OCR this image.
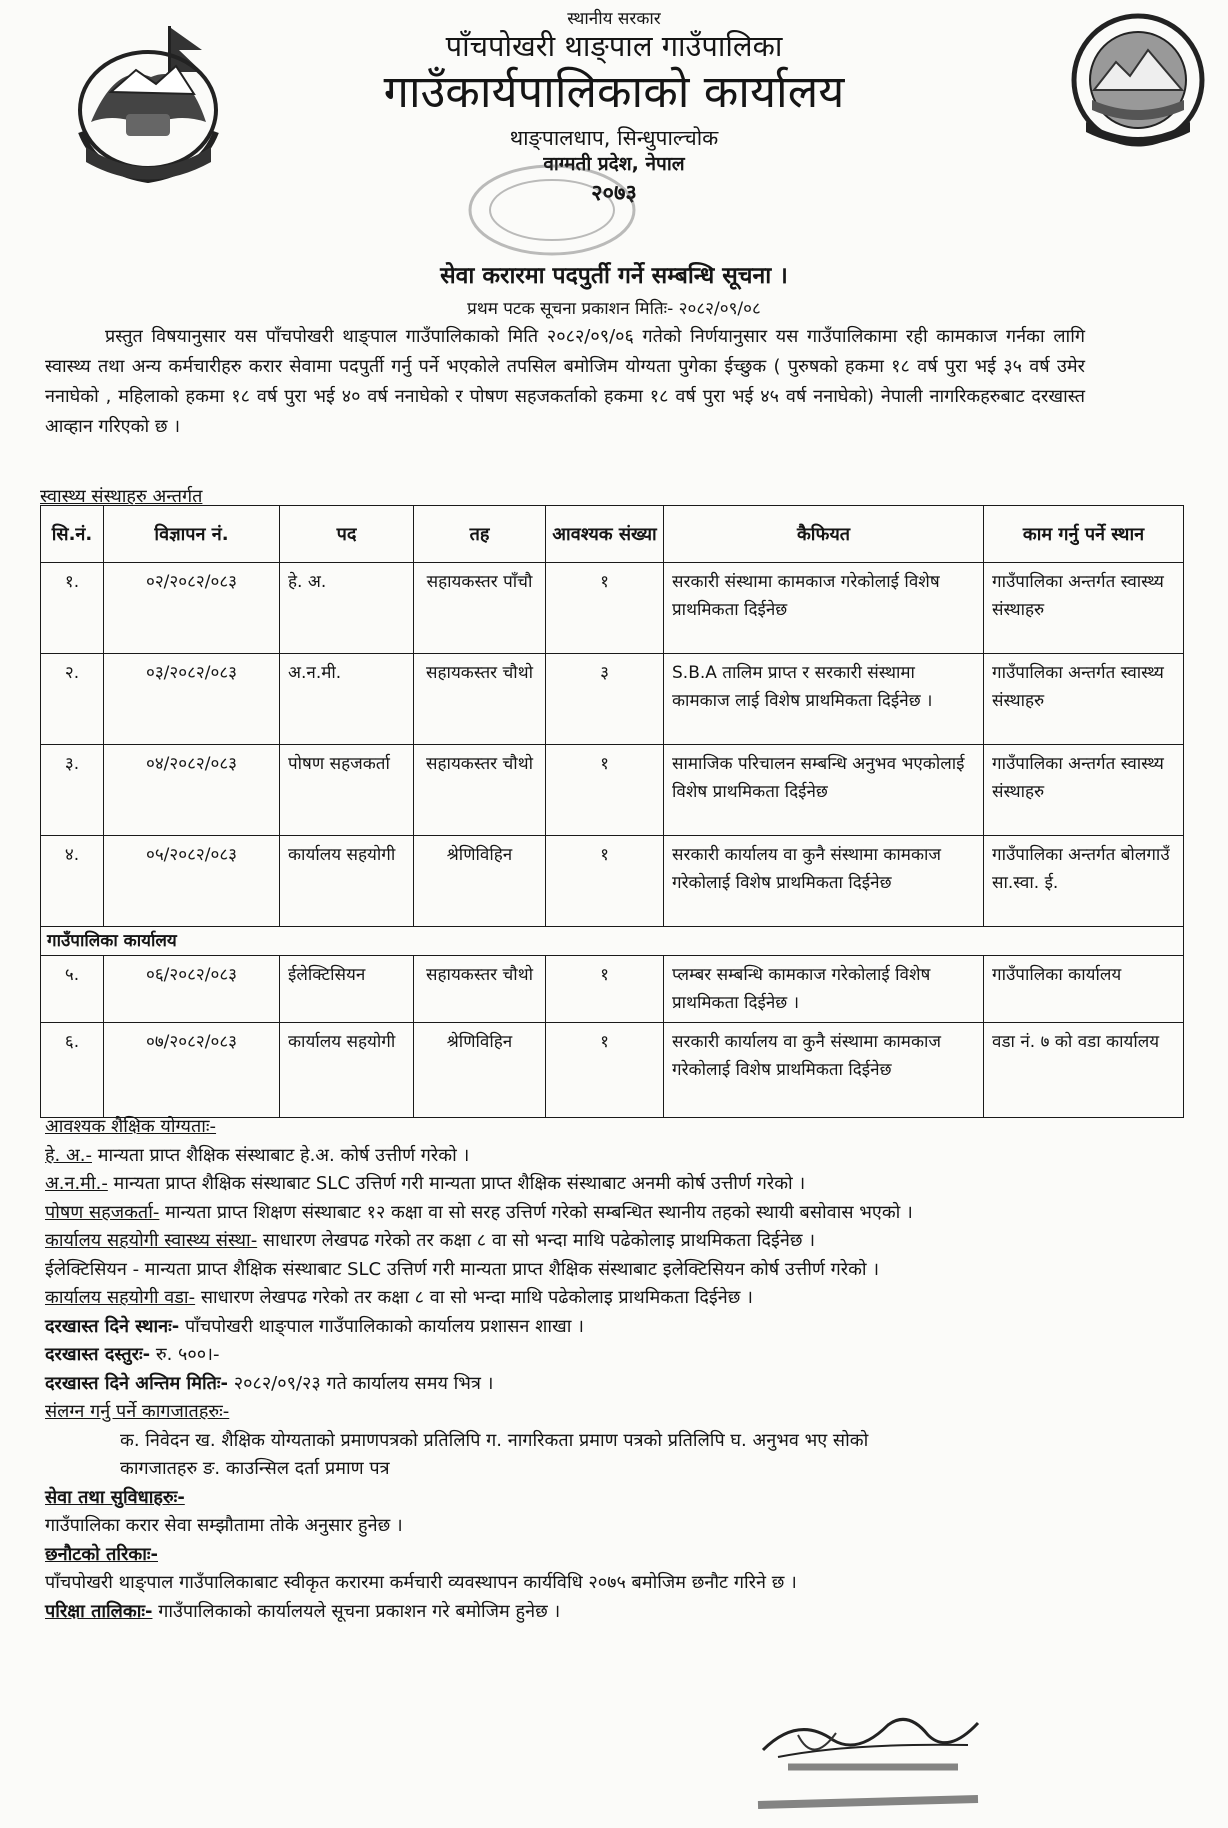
स्थानीय सरकार
पाँचपोखरी थाङ्पाल गाउँपालिका
गाउँकार्यपालिकाको कार्यालय
थाङ्पालधाप, सिन्धुपाल्चोक
वाग्मती प्रदेश, नेपाल
२०७३
सेवा करारमा पदपुर्ती गर्ने सम्बन्धि सूचना ।
प्रथम पटक सूचना प्रकाशन मितिः- २०८२/०९/०८

प्रस्तुत विषयानुसार यस पाँचपोखरी थाङ्पाल गाउँपालिकाको मिति २०८२/०९/०६ गतेको निर्णयानुसार यस गाउँपालिकामा रही कामकाज गर्नका लागि स्वास्थ्य तथा अन्य कर्मचारीहरु करार सेवामा पदपुर्ती गर्नु पर्ने भएकोले तपसिल बमोजिम योग्यता पुगेका ईच्छुक ( पुरुषको हकमा १८ वर्ष पुरा भई ३५ वर्ष उमेर ननाघेको , महिलाको हकमा १८ वर्ष पुरा भई ४० वर्ष ननाघेको र पोषण सहजकर्ताको हकमा १८ वर्ष पुरा भई ४५ वर्ष ननाघेको) नेपाली नागरिकहरुबाट दरखास्त आव्हान गरिएको छ ।

स्वास्थ्य संस्थाहरु अन्तर्गत
सि.नं.	विज्ञापन नं.	पद	तह	आवश्यक संख्या	कैफियत	काम गर्नु पर्ने स्थान
१.	०२/२०८२/०८३	हे. अ.	सहायकस्तर पाँचौ	१	सरकारी संस्थामा कामकाज गरेकोलाई विशेष प्राथमिकता दिईनेछ	गाउँपालिका अन्तर्गत स्वास्थ्य संस्थाहरु
२.	०३/२०८२/०८३	अ.न.मी.	सहायकस्तर चौथो	३	S.B.A तालिम प्राप्त र सरकारी संस्थामा कामकाज लाई विशेष प्राथमिकता दिईनेछ ।	गाउँपालिका अन्तर्गत स्वास्थ्य संस्थाहरु
३.	०४/२०८२/०८३	पोषण सहजकर्ता	सहायकस्तर चौथो	१	सामाजिक परिचालन सम्बन्धि अनुभव भएकोलाई विशेष प्राथमिकता दिईनेछ	गाउँपालिका अन्तर्गत स्वास्थ्य संस्थाहरु
४.	०५/२०८२/०८३	कार्यालय सहयोगी	श्रेणिविहिन	१	सरकारी कार्यालय वा कुनै संस्थामा कामकाज गरेकोलाई विशेष प्राथमिकता दिईनेछ	गाउँपालिका अन्तर्गत बोलगाउँ सा.स्वा. ई.
गाउँपालिका कार्यालय						
५.	०६/२०८२/०८३	ईलेक्टिसियन	सहायकस्तर चौथो	१	प्लम्बर सम्बन्धि कामकाज गरेकोलाई विशेष प्राथमिकता दिईनेछ ।	गाउँपालिका कार्यालय
६.	०७/२०८२/०८३	कार्यालय सहयोगी	श्रेणिविहिन	१	सरकारी कार्यालय वा कुनै संस्थामा कामकाज गरेकोलाई विशेष प्राथमिकता दिईनेछ	वडा नं. ७ को वडा कार्यालय

आवश्यक शैक्षिक योग्यताः-

हे. अ.- मान्यता प्राप्त शैक्षिक संस्थाबाट हे.अ. कोर्ष उत्तीर्ण गरेको ।

अ.न.मी.- मान्यता प्राप्त शैक्षिक संस्थाबाट SLC उत्तिर्ण गरी मान्यता प्राप्त शैक्षिक संस्थाबाट अनमी कोर्ष उत्तीर्ण गरेको ।

पोषण सहजकर्ता- मान्यता प्राप्त शिक्षण संस्थाबाट १२ कक्षा वा सो सरह उत्तिर्ण गरेको सम्बन्धित स्थानीय तहको स्थायी बसोवास भएको ।

कार्यालय सहयोगी स्वास्थ्य संस्था- साधारण लेखपढ गरेको तर कक्षा ८ वा सो भन्दा माथि पढेकोलाइ प्राथमिकता दिईनेछ ।

ईलेक्टिसियन - मान्यता प्राप्त शैक्षिक संस्थाबाट SLC उत्तिर्ण गरी मान्यता प्राप्त शैक्षिक संस्थाबाट इलेक्टिसियन कोर्ष उत्तीर्ण गरेको ।

कार्यालय सहयोगी वडा- साधारण लेखपढ गरेको तर कक्षा ८ वा सो भन्दा माथि पढेकोलाइ प्राथमिकता दिईनेछ ।

दरखास्त दिने स्थानः- पाँचपोखरी थाङ्पाल गाउँपालिकाको कार्यालय प्रशासन शाखा ।

दरखास्त दस्तुरः- रु. ५००।-

दरखास्त दिने अन्तिम मितिः- २०८२/०९/२३ गते कार्यालय समय भित्र ।

संलग्न गर्नु पर्ने कागजातहरुः-

क. निवेदन ख. शैक्षिक योग्यताको प्रमाणपत्रको प्रतिलिपि ग. नागरिकता प्रमाण पत्रको प्रतिलिपि घ. अनुभव भए सोको

कागजातहरु ङ. काउन्सिल दर्ता प्रमाण पत्र

सेवा तथा सुविधाहरुः-

गाउँपालिका करार सेवा सम्झौतामा तोके अनुसार हुनेछ ।

छनौटको तरिकाः-

पाँचपोखरी थाङ्पाल गाउँपालिकाबाट स्वीकृत करारमा कर्मचारी व्यवस्थापन कार्यविधि २०७५ बमोजिम छनौट गरिने छ ।

परिक्षा तालिकाः- गाउँपालिकाको कार्यालयले सूचना प्रकाशन गरे बमोजिम हुनेछ ।
